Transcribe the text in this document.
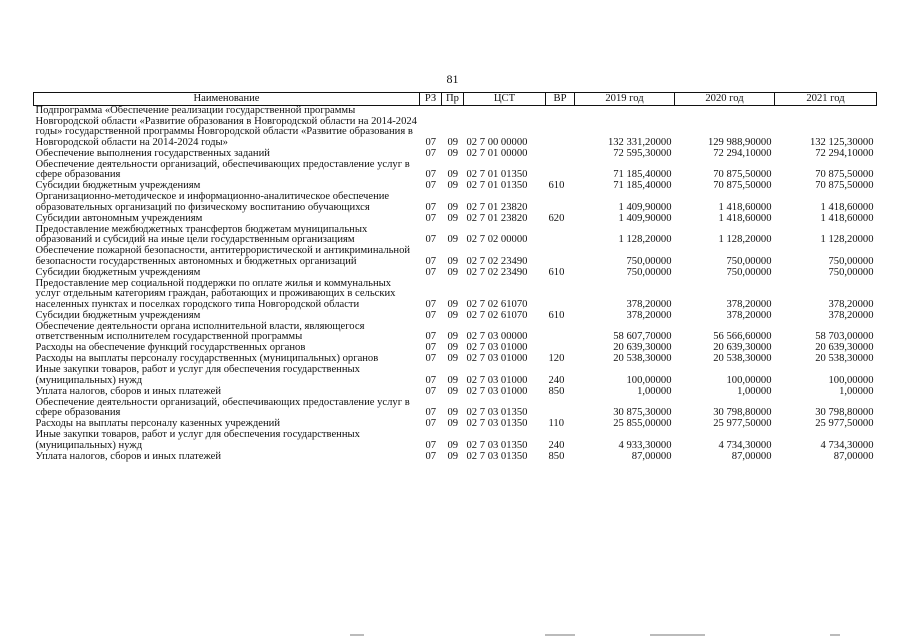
81
Наименование	РЗ	Пр	ЦСТ	ВР	2019 год	2020 год	2021 год
Подпрограмма «Обеспечение реализации государственной программы Новгородской области «Развитие образования в Новгородской области на 2014-2024 годы» государственной программы Новгородской области «Развитие образования в Новгородской области на 2014-2024 годы»	07	09	02 7 00 00000		132 331,20000	129 988,90000	132 125,30000
Обеспечение выполнения государственных заданий	07	09	02 7 01 00000		72 595,30000	72 294,10000	72 294,10000
Обеспечение деятельности организаций, обеспечивающих предоставление услуг в сфере образования	07	09	02 7 01 01350		71 185,40000	70 875,50000	70 875,50000
Субсидии бюджетным учреждениям	07	09	02 7 01 01350	610	71 185,40000	70 875,50000	70 875,50000
Организационно-методическое и информационно-аналитическое обеспечение образовательных организаций по физическому воспитанию обучающихся	07	09	02 7 01 23820		1 409,90000	1 418,60000	1 418,60000
Субсидии автономным учреждениям	07	09	02 7 01 23820	620	1 409,90000	1 418,60000	1 418,60000
Предоставление межбюджетных трансфертов бюджетам муниципальных образований и субсидий на иные цели государственным организациям	07	09	02 7 02 00000		1 128,20000	1 128,20000	1 128,20000
Обеспечение пожарной безопасности, антитеррористической и антикриминальной безопасности государственных автономных и бюджетных организаций	07	09	02 7 02 23490		750,00000	750,00000	750,00000
Субсидии бюджетным учреждениям	07	09	02 7 02 23490	610	750,00000	750,00000	750,00000
Предоставление мер социальной поддержки по оплате жилья и коммунальных услуг отдельным категориям граждан, работающих и проживающих в сельских населенных пунктах и поселках городского типа Новгородской области	07	09	02 7 02 61070		378,20000	378,20000	378,20000
Субсидии бюджетным учреждениям	07	09	02 7 02 61070	610	378,20000	378,20000	378,20000
Обеспечение деятельности органа исполнительной власти, являющегося ответственным исполнителем государственной программы	07	09	02 7 03 00000		58 607,70000	56 566,60000	58 703,00000
Расходы на обеспечение функций государственных органов	07	09	02 7 03 01000		20 639,30000	20 639,30000	20 639,30000
Расходы на выплаты персоналу государственных (муниципальных) органов	07	09	02 7 03 01000	120	20 538,30000	20 538,30000	20 538,30000
Иные закупки товаров, работ и услуг для обеспечения государственных (муниципальных) нужд	07	09	02 7 03 01000	240	100,00000	100,00000	100,00000
Уплата налогов, сборов и иных платежей	07	09	02 7 03 01000	850	1,00000	1,00000	1,00000
Обеспечение деятельности организаций, обеспечивающих предоставление услуг в сфере образования	07	09	02 7 03 01350		30 875,30000	30 798,80000	30 798,80000
Расходы на выплаты персоналу казенных учреждений	07	09	02 7 03 01350	110	25 855,00000	25 977,50000	25 977,50000
Иные закупки товаров, работ и услуг для обеспечения государственных (муниципальных) нужд	07	09	02 7 03 01350	240	4 933,30000	4 734,30000	4 734,30000
Уплата налогов, сборов и иных платежей	07	09	02 7 03 01350	850	87,00000	87,00000	87,00000
